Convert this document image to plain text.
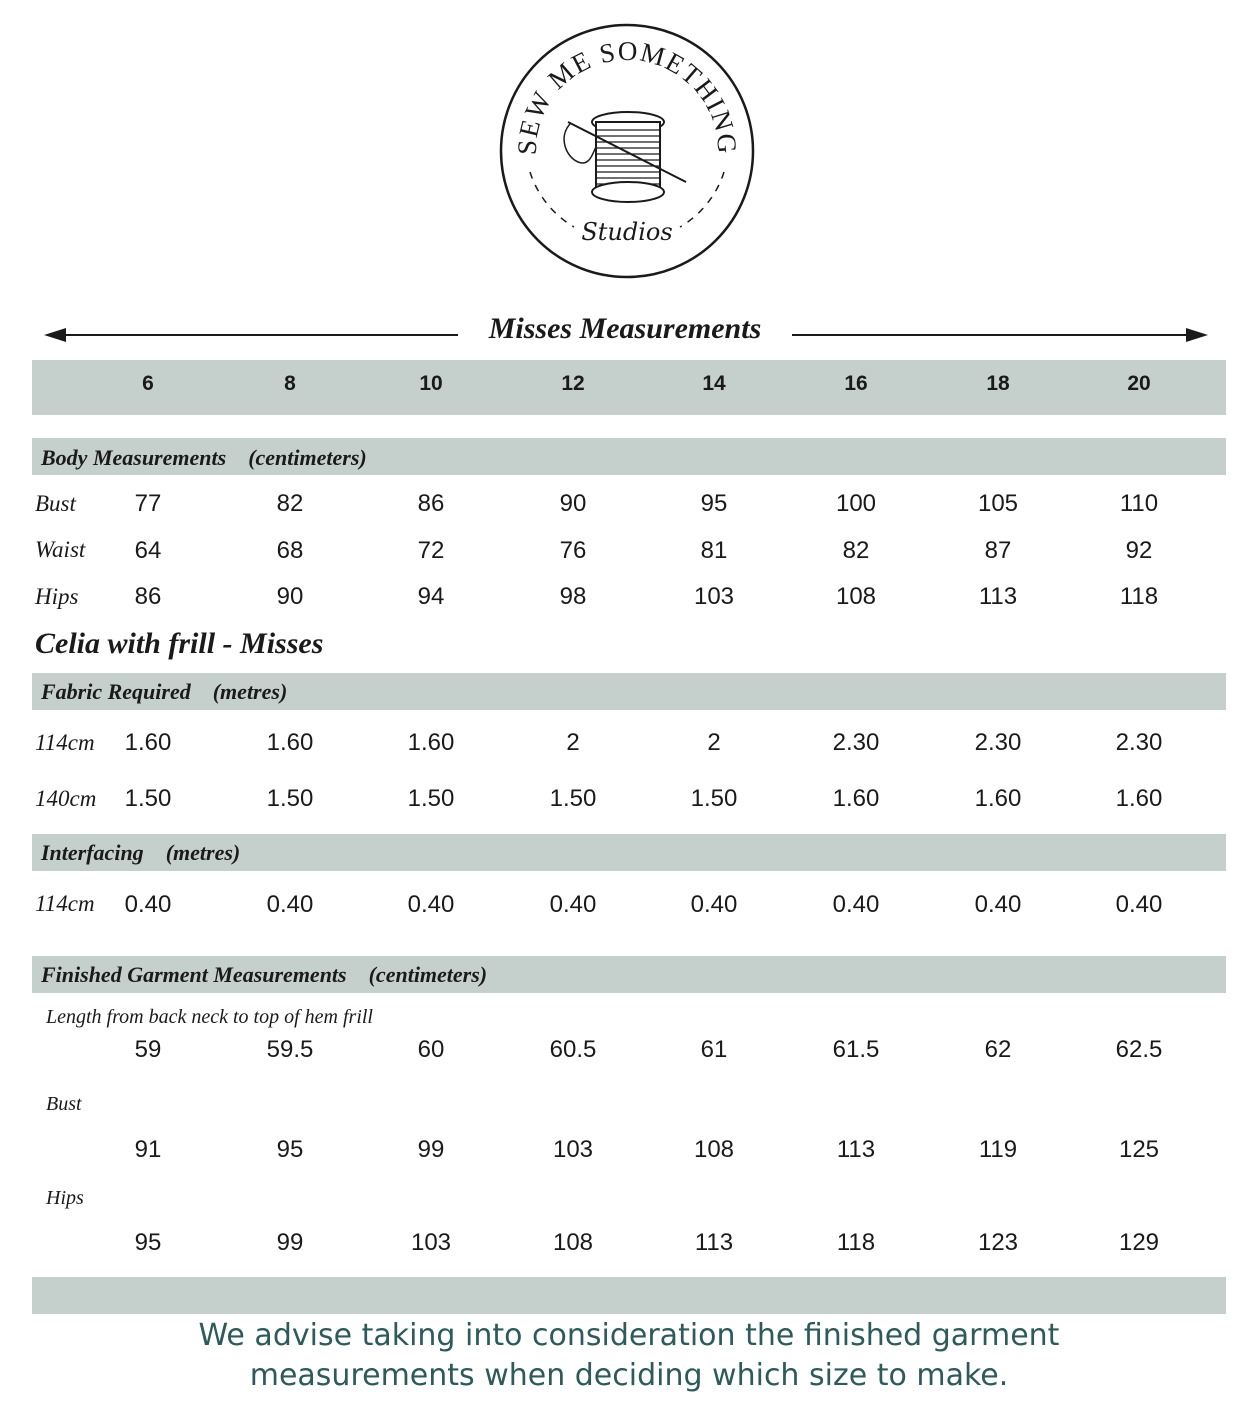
SEW ME SOMETHING
Studios
Misses Measurements
6	8	10	12	14	16	18	20
Body Measurements (centimeters)
Bust	77	82	86	90	95	100	105	110
Waist	64	68	72	76	81	82	87	92
Hips	86	90	94	98	103	108	113	118
Celia with frill - Misses
Fabric Required (metres)
114cm	1.60	1.60	1.60	2	2	2.30	2.30	2.30
140cm	1.50	1.50	1.50	1.50	1.50	1.60	1.60	1.60
Interfacing (metres)
114cm	0.40	0.40	0.40	0.40	0.40	0.40	0.40	0.40
Finished Garment Measurements (centimeters)
Length from back neck to top of hem frill
59	59.5	60	60.5	61	61.5	62	62.5
Bust
91	95	99	103	108	113	119	125
Hips
95	99	103	108	113	118	123	129
We advise taking into consideration the finished garment
measurements when deciding which size to make.
